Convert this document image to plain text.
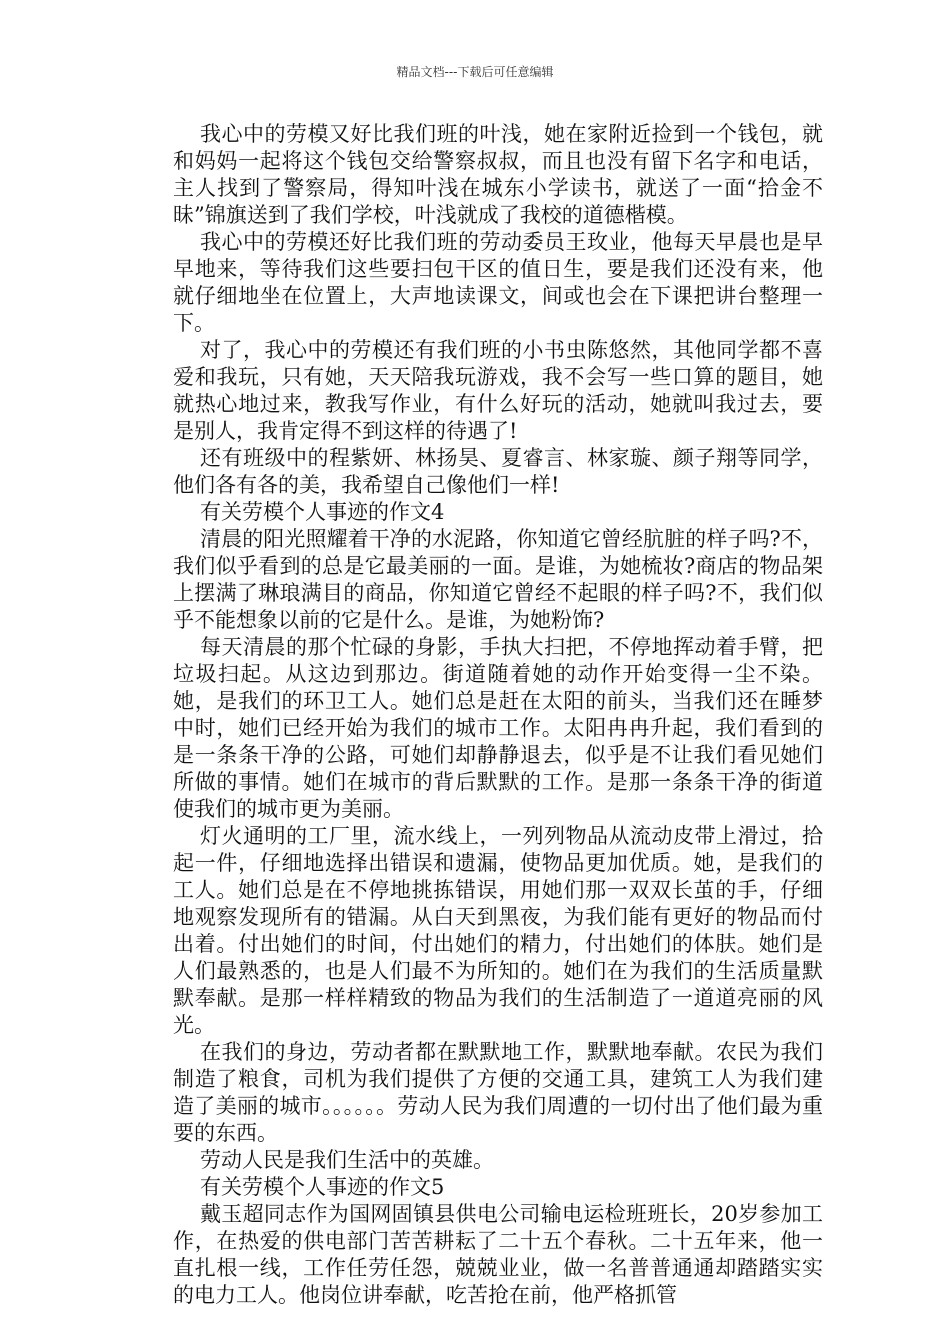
精品文档---下载后可任意编辑

我心中的劳模又好比我们班的叶浅，她在家附近捡到一个钱包，就和妈妈一起将这个钱包交给警察叔叔，而且也没有留下名字和电话，主人找到了警察局，得知叶浅在城东小学读书，就送了一面“拾金不昧”锦旗送到了我们学校，叶浅就成了我校的道德楷模。

我心中的劳模还好比我们班的劳动委员王玫业，他每天早晨也是早早地来，等待我们这些要扫包干区的值日生，要是我们还没有来，他就仔细地坐在位置上，大声地读课文，间或也会在下课把讲台整理一下。

对了，我心中的劳模还有我们班的小书虫陈悠然，其他同学都不喜爱和我玩，只有她，天天陪我玩游戏，我不会写一些口算的题目，她就热心地过来，教我写作业，有什么好玩的活动，她就叫我过去，要是别人，我肯定得不到这样的待遇了!

还有班级中的程紫妍、林扬昊、夏睿言、林家璇、颜子翔等同学，他们各有各的美，我希望自己像他们一样!

有关劳模个人事迹的作文4

清晨的阳光照耀着干净的水泥路，你知道它曾经肮脏的样子吗?不，我们似乎看到的总是它最美丽的一面。是谁，为她梳妆?商店的物品架上摆满了琳琅满目的商品，你知道它曾经不起眼的样子吗?不，我们似乎不能想象以前的它是什么。是谁，为她粉饰?

每天清晨的那个忙碌的身影，手执大扫把，不停地挥动着手臂，把垃圾扫起。从这边到那边。街道随着她的动作开始变得一尘不染。她，是我们的环卫工人。她们总是赶在太阳的前头，当我们还在睡梦中时，她们已经开始为我们的城市工作。太阳冉冉升起，我们看到的是一条条干净的公路，可她们却静静退去，似乎是不让我们看见她们所做的事情。她们在城市的背后默默的工作。是那一条条干净的街道使我们的城市更为美丽。

灯火通明的工厂里，流水线上，一列列物品从流动皮带上滑过，拾起一件，仔细地选择出错误和遗漏，使物品更加优质。她，是我们的工人。她们总是在不停地挑拣错误，用她们那一双双长茧的手，仔细地观察发现所有的错漏。从白天到黑夜，为我们能有更好的物品而付出着。付出她们的时间，付出她们的精力，付出她们的体肤。她们是人们最熟悉的，也是人们最不为所知的。她们在为我们的生活质量默默奉献。是那一样样精致的物品为我们的生活制造了一道道亮丽的风光。

在我们的身边，劳动者都在默默地工作，默默地奉献。农民为我们制造了粮食，司机为我们提供了方便的交通工具，建筑工人为我们建造了美丽的城市。。。。。。劳动人民为我们周遭的一切付出了他们最为重要的东西。

劳动人民是我们生活中的英雄。

有关劳模个人事迹的作文5

戴玉超同志作为国网固镇县供电公司输电运检班班长，20岁参加工作，在热爱的供电部门苦苦耕耘了二十五个春秋。二十五年来，他一直扎根一线，工作任劳任怨，兢兢业业，做一名普普通通却踏踏实实的电力工人。他岗位讲奉献，吃苦抢在前，他严格抓管
